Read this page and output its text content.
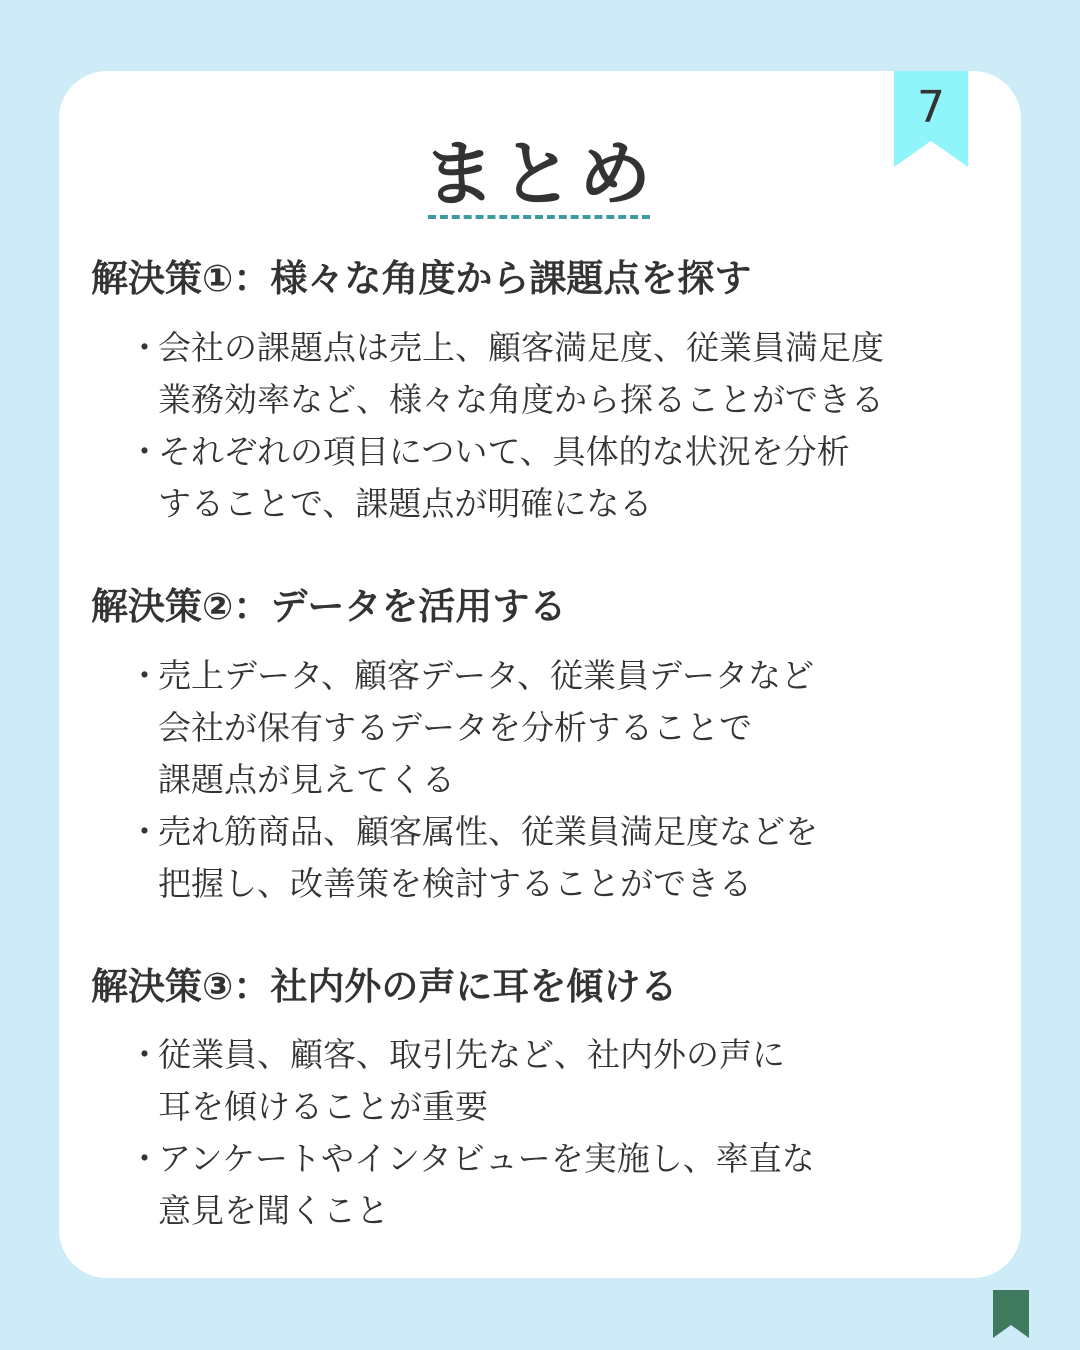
7
まとめ
解決策①：様々な角度から課題点を探す
・
会社の課題点は売上、顧客満足度、従業員満足度
業務効率など、様々な角度から探ることができる
・
それぞれの項目について、具体的な状況を分析
することで、課題点が明確になる
解決策②：データを活用する
・
売上データ、顧客データ、従業員データなど
会社が保有するデータを分析することで
課題点が見えてくる
・
売れ筋商品、顧客属性、従業員満足度などを
把握し、改善策を検討することができる
解決策③：社内外の声に耳を傾ける
・
従業員、顧客、取引先など、社内外の声に
耳を傾けることが重要
・
アンケートやインタビューを実施し、率直な
意見を聞くこと
